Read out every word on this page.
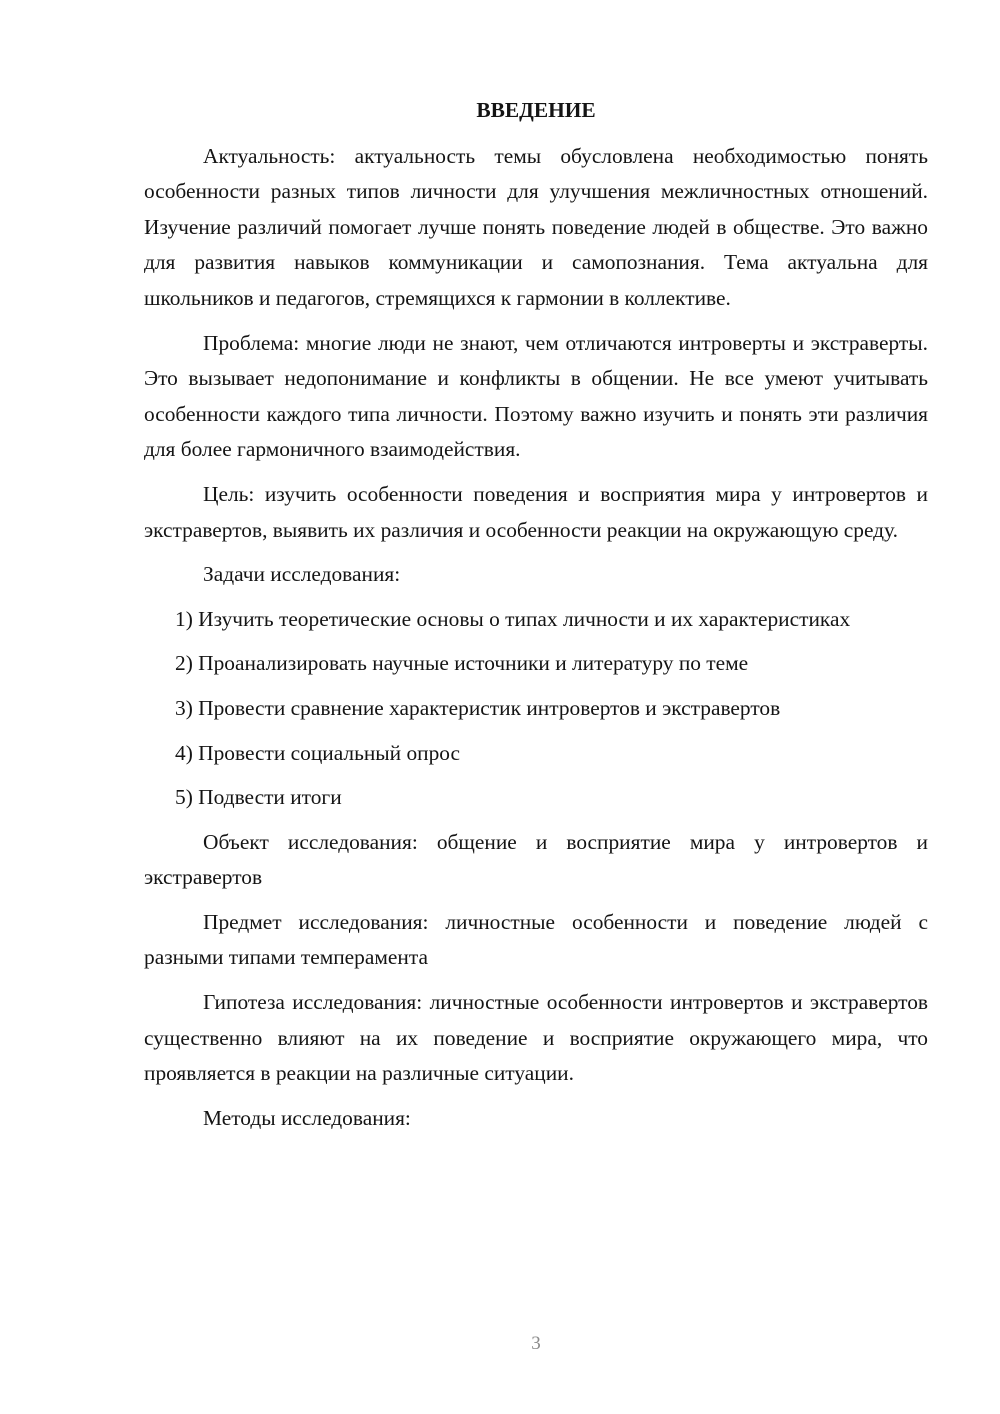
ВВЕДЕНИЕ

Актуальность: актуальность темы обусловлена необходимостью понять особенности разных типов личности для улучшения межличностных отношений. Изучение различий помогает лучше понять поведение людей в обществе. Это важно для развития навыков коммуникации и самопознания. Тема актуальна для школьников и педагогов, стремящихся к гармонии в коллективе.

Проблема: многие люди не знают, чем отличаются интроверты и экстраверты. Это вызывает недопонимание и конфликты в общении. Не все умеют учитывать особенности каждого типа личности. Поэтому важно изучить и понять эти различия для более гармоничного взаимодействия.

Цель: изучить особенности поведения и восприятия мира у интровертов и экстравертов, выявить их различия и особенности реакции на окружающую среду.

Задачи исследования:

1) Изучить теоретические основы о типах личности и их характеристиках

2) Проанализировать научные источники и литературу по теме

3) Провести сравнение характеристик интровертов и экстравертов

4) Провести социальный опрос

5) Подвести итоги

Объект исследования: общение и восприятие мира у интровертов и экстравертов

Предмет исследования: личностные особенности и поведение людей с разными типами темперамента

Гипотеза исследования: личностные особенности интровертов и экстравертов существенно влияют на их поведение и восприятие окружающего мира, что проявляется в реакции на различные ситуации.

Методы исследования:

3
